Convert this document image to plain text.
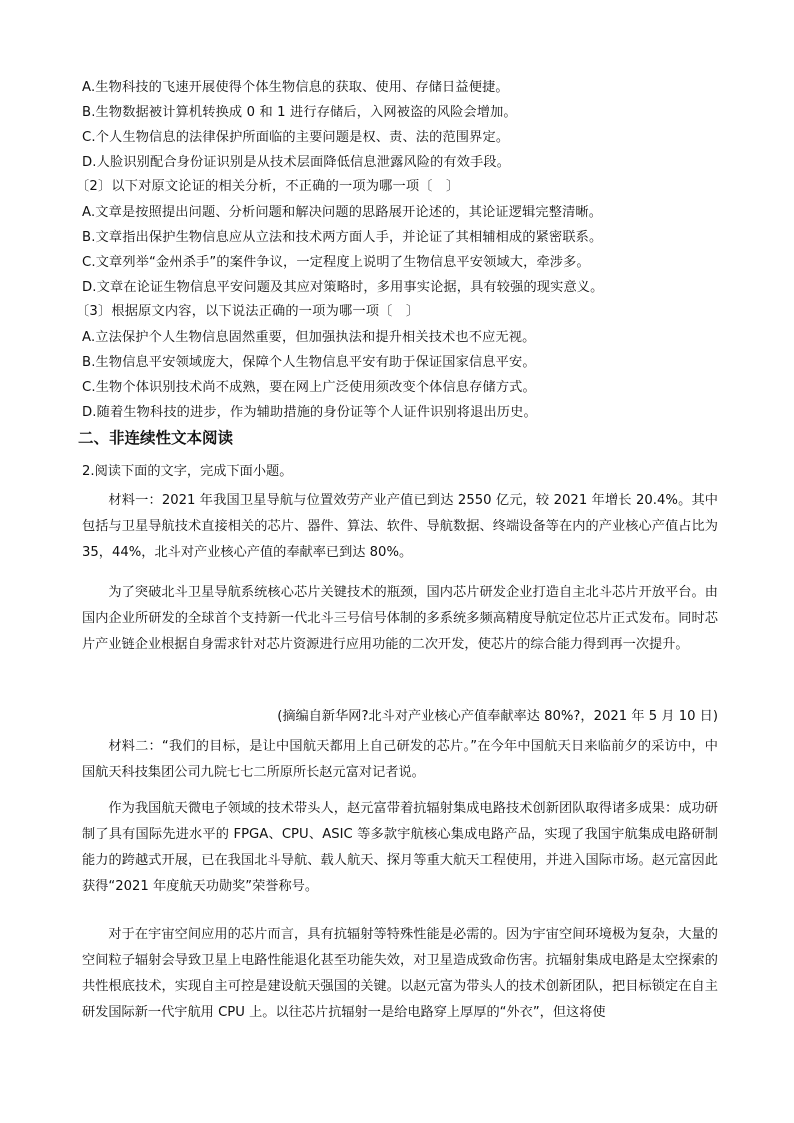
A.生物科技的飞速开展使得个体生物信息的获取、使用、存储日益便捷。

B.生物数据被计算机转换成 0 和 1 进行存储后，入网被盗的风险会增加。

C.个人生物信息的法律保护所面临的主要问题是权、责、法的范围界定。

D.人脸识别配合身份证识别是从技术层面降低信息泄露风险的有效手段。

〔2〕以下对原文论证的相关分析，不正确的一项为哪一项〔　〕

A.文章是按照提出问题、分析问题和解决问题的思路展开论述的，其论证逻辑完整清晰。

B.文章指出保护生物信息应从立法和技术两方面人手，并论证了其相辅相成的紧密联系。

C.文章列举“金州杀手”的案件争议，一定程度上说明了生物信息平安领域大，牵涉多。

D.文章在论证生物信息平安问题及其应对策略时，多用事实论据，具有较强的现实意义。

〔3〕根据原文内容，以下说法正确的一项为哪一项〔　〕

A.立法保护个人生物信息固然重要，但加强执法和提升相关技术也不应无视。

B.生物信息平安领域庞大，保障个人生物信息平安有助于保证国家信息平安。

C.生物个体识别技术尚不成熟，要在网上广泛使用须改变个体信息存储方式。

D.随着生物科技的进步，作为辅助措施的身份证等个人证件识别将退出历史。

二、非连续性文本阅读

2.阅读下面的文字，完成下面小题。

材料一：2021 年我国卫星导航与位置效劳产业产值已到达 2550 亿元，较 2021 年增长 20.4%。其中包括与卫星导航技术直接相关的芯片、器件、算法、软件、导航数据、终端设备等在内的产业核心产值占比为 35，44%，北斗对产业核心产值的奉献率已到达 80%。

为了突破北斗卫星导航系统核心芯片关键技术的瓶颈，国内芯片研发企业打造自主北斗芯片开放平台。由国内企业所研发的全球首个支持新一代北斗三号信号体制的多系统多频高精度导航定位芯片正式发布。同时芯片产业链企业根据自身需求针对芯片资源进行应用功能的二次开发，使芯片的综合能力得到再一次提升。

(摘编自新华网?北斗对产业核心产值奉献率达 80%?，2021 年 5 月 10 日)

材料二：“我们的目标，是让中国航天都用上自己研发的芯片。”在今年中国航天日来临前夕的采访中，中国航天科技集团公司九院七七二所原所长赵元富对记者说。

作为我国航天微电子领域的技术带头人，赵元富带着抗辐射集成电路技术创新团队取得诸多成果：成功研制了具有国际先进水平的 FPGA、CPU、ASIC 等多款宇航核心集成电路产品，实现了我国宇航集成电路研制能力的跨越式开展，已在我国北斗导航、载人航天、探月等重大航天工程使用，并进入国际市场。赵元富因此获得“2021 年度航天功勋奖”荣誉称号。

对于在宇宙空间应用的芯片而言，具有抗辐射等特殊性能是必需的。因为宇宙空间环境极为复杂，大量的空间粒子辐射会导致卫星上电路性能退化甚至功能失效，对卫星造成致命伤害。抗辐射集成电路是太空探索的共性根底技术，实现自主可控是建设航天强国的关键。以赵元富为带头人的技术创新团队，把目标锁定在自主研发国际新一代宇航用 CPU 上。以往芯片抗辐射一是给电路穿上厚厚的“外衣”，但这将使
